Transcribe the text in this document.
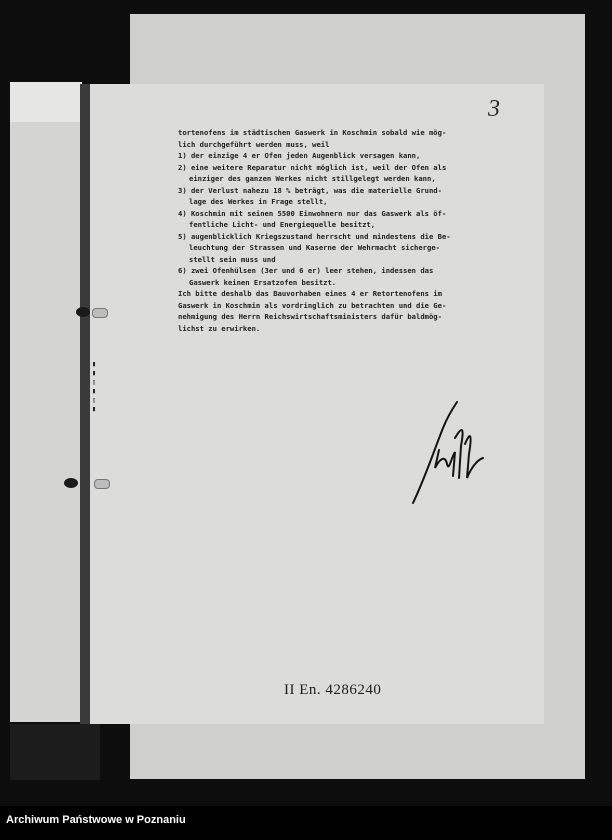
▮
▮
▯
▮
▯
▮
3
tortenofens im städtischen Gaswerk in Koschmin sobald wie mög-
lich durchgeführt werden muss, weil
1) der einzige 4 er Ofen jeden Augenblick versagen kann,
2) eine weitere Reparatur nicht möglich ist, weil der Ofen als
einziger des ganzen Werkes nicht stillgelegt werden kann,
3) der Verlust nahezu 18 % beträgt, was die materielle Grund-
lage des Werkes in Frage stellt,
4) Koschmin mit seinen 5500 Einwohnern nur das Gaswerk als öf-
fentliche Licht- und Energiequelle besitzt,
5) augenblicklich Kriegszustand herrscht und mindestens die Be-
leuchtung der Strassen und Kaserne der Wehrmacht sicherge-
stellt sein muss und
6) zwei Ofenhülsen (3er und 6 er) leer stehen, indessen das
Gaswerk keinen Ersatzofen besitzt.
Ich bitte deshalb das Bauvorhaben eines 4 er Retortenofens im
Gaswerk in Koschmin als vordringlich zu betrachten und die Ge-
nehmigung des Herrn Reichswirtschaftsministers dafür baldmög-
lichst zu erwirken.
II En. 4286240
Archiwum Państwowe w Poznaniu
